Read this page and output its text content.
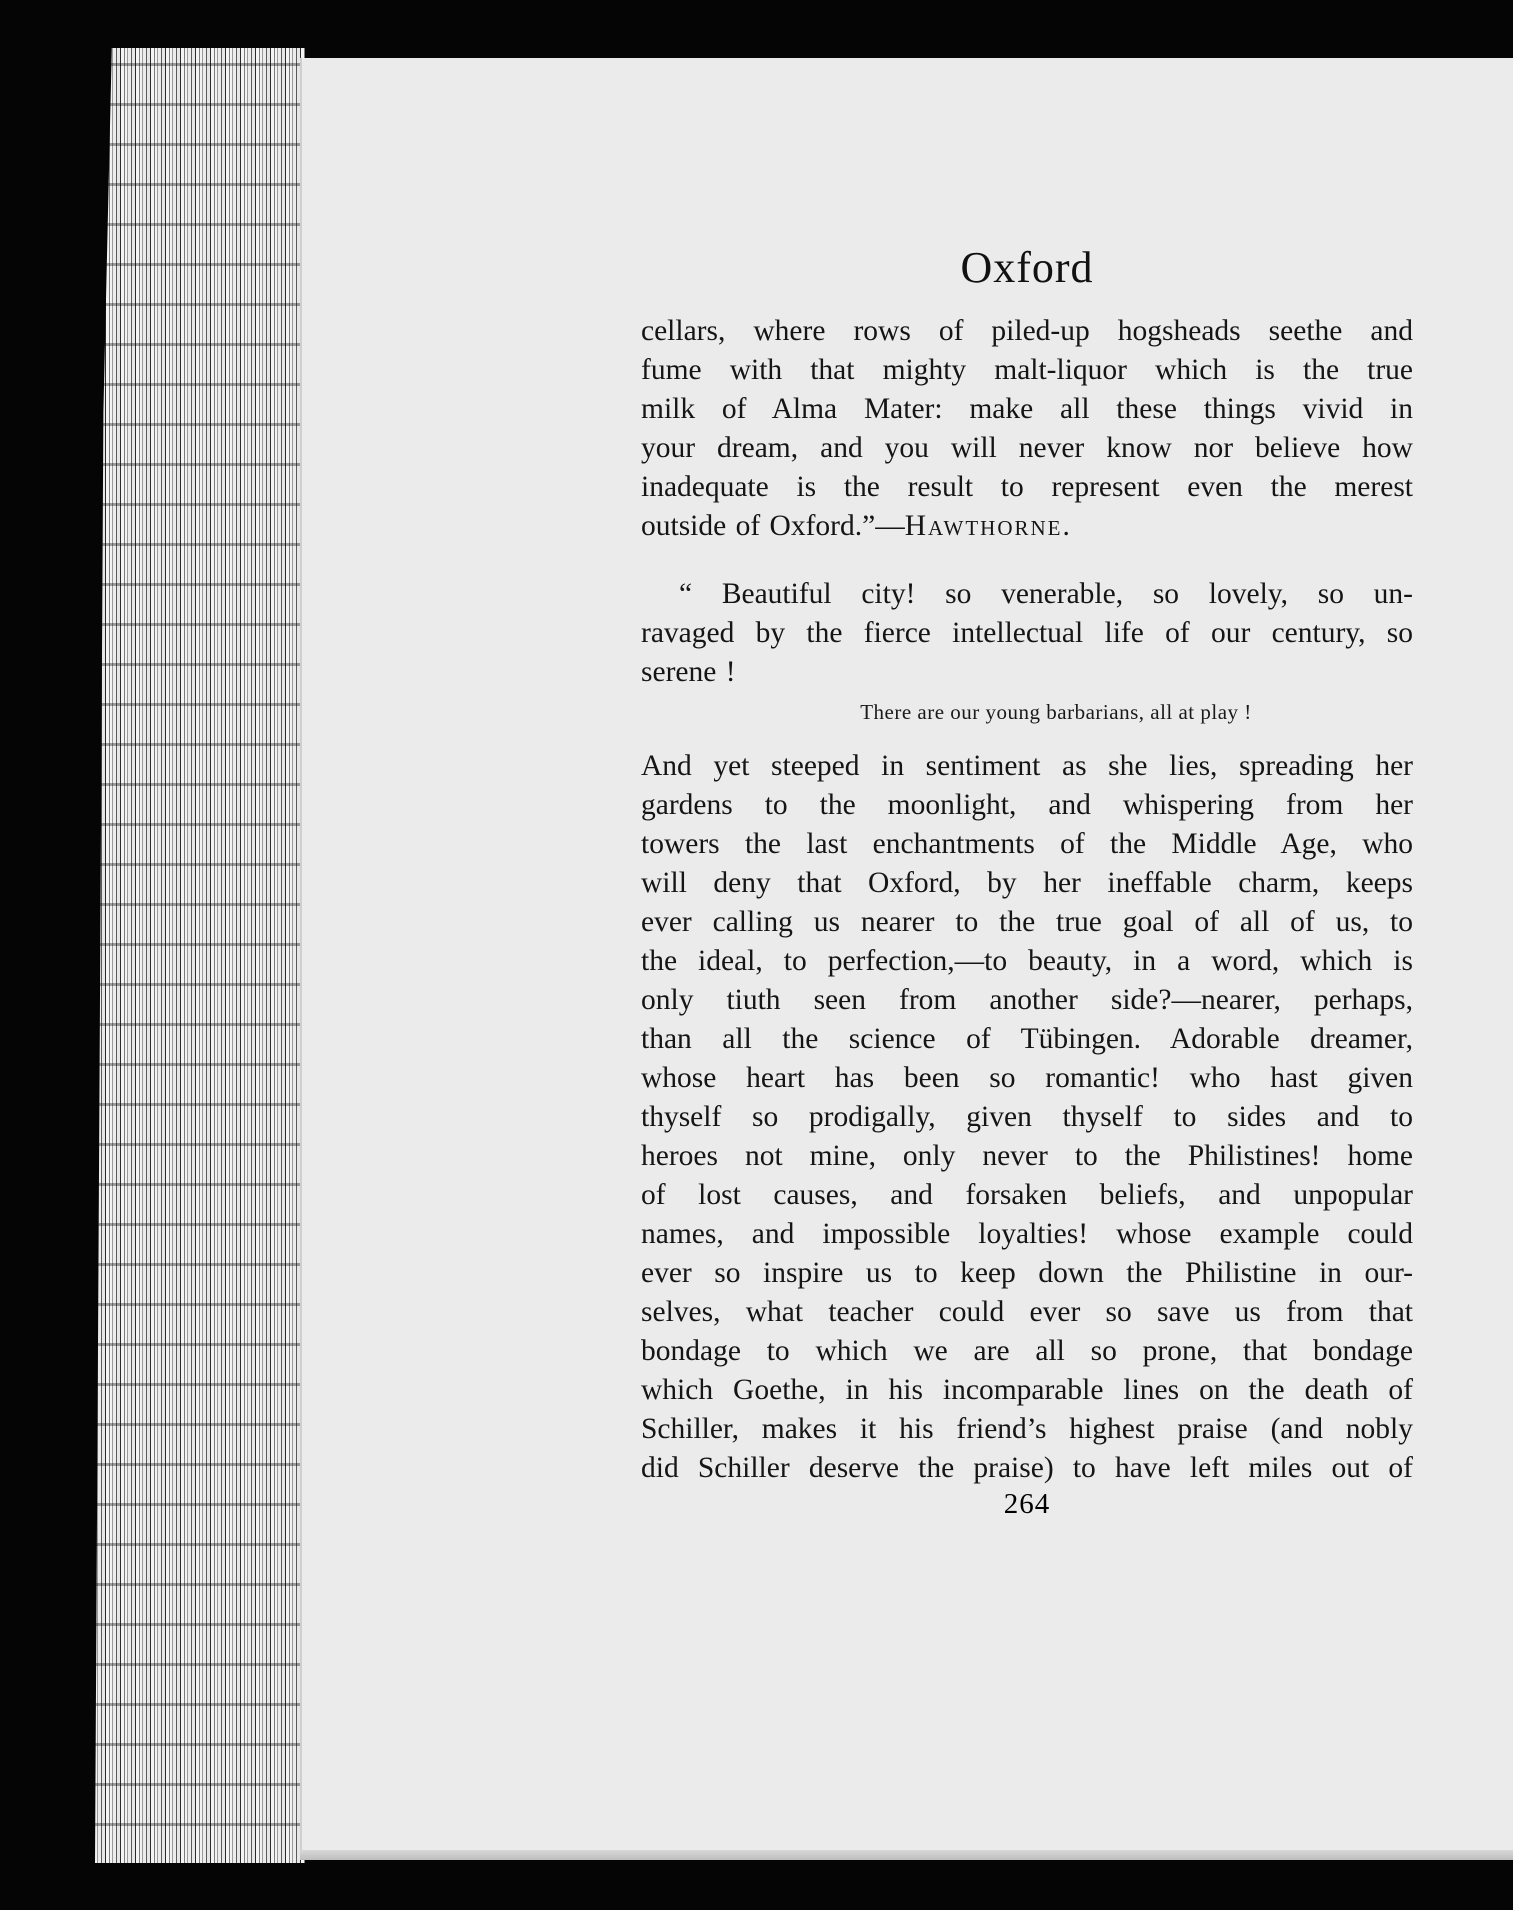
Oxford

cellars, where rows of piled-up hogsheads seethe and
fume with that mighty malt-liquor which is the true
milk of Alma Mater: make all these things vivid in
your dream, and you will never know nor believe how
inadequate is the result to represent even the merest
outside of Oxford.”—Hawthorne.

“ Beautiful city! so venerable, so lovely, so un-
ravaged by the fierce intellectual life of our century, so
serene !

There are our young barbarians, all at play !

And yet steeped in sentiment as she lies, spreading her
gardens to the moonlight, and whispering from her
towers the last enchantments of the Middle Age, who
will deny that Oxford, by her ineffable charm, keeps
ever calling us nearer to the true goal of all of us, to
the ideal, to perfection,—to beauty, in a word, which is
only tiuth seen from another side?—nearer, perhaps,
than all the science of Tübingen. Adorable dreamer,
whose heart has been so romantic! who hast given
thyself so prodigally, given thyself to sides and to
heroes not mine, only never to the Philistines! home
of lost causes, and forsaken beliefs, and unpopular
names, and impossible loyalties! whose example could
ever so inspire us to keep down the Philistine in our-
selves, what teacher could ever so save us from that
bondage to which we are all so prone, that bondage
which Goethe, in his incomparable lines on the death of
Schiller, makes it his friend’s highest praise (and nobly
did Schiller deserve the praise) to have left miles out of

264
